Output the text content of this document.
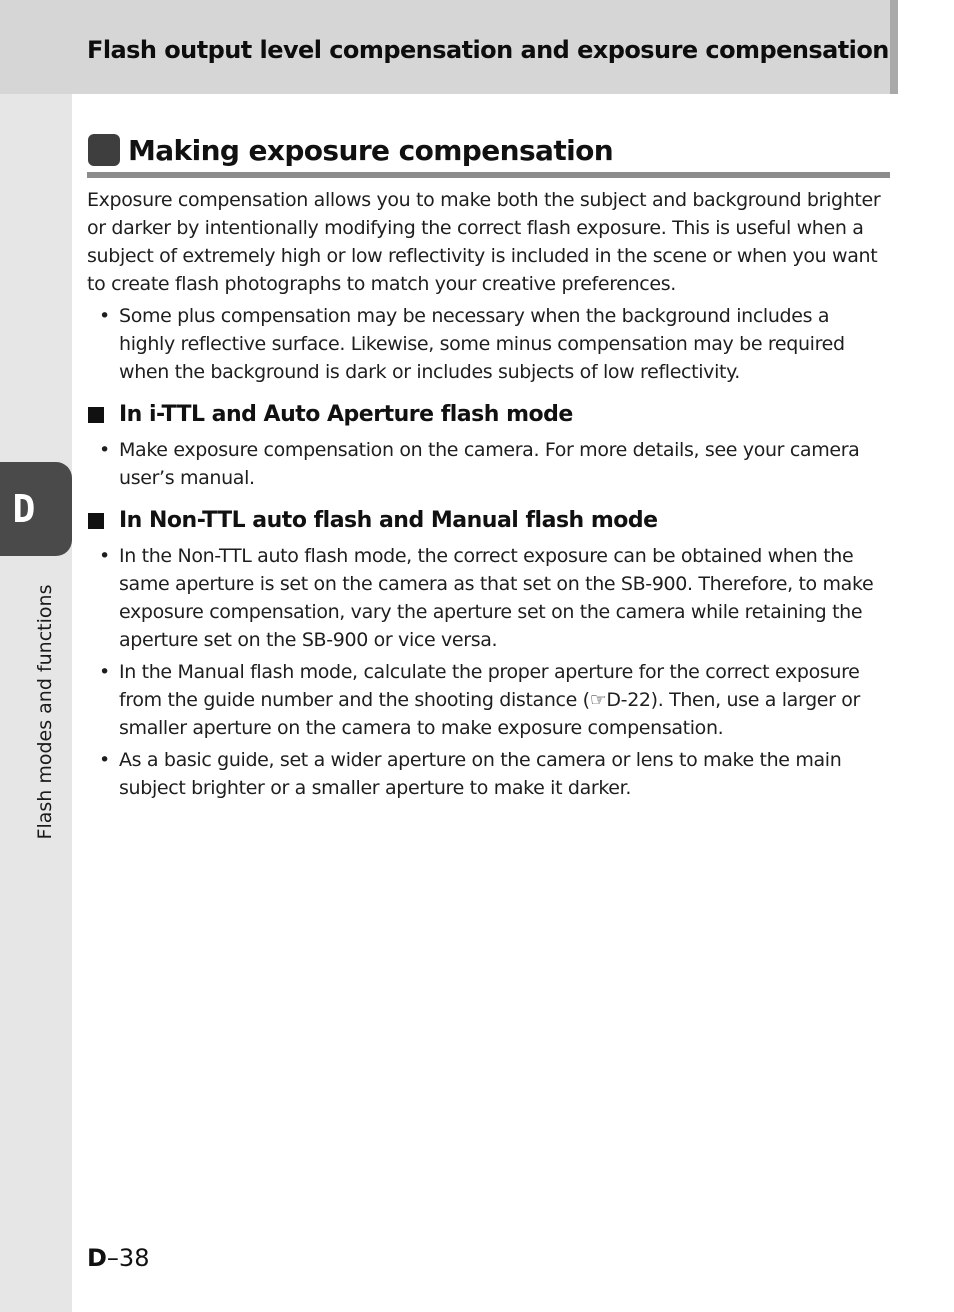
Flash output level compensation and exposure compensation
D
Flash modes and functions
Making exposure compensation

Exposure compensation allows you to make both the subject and background brighter or darker by intentionally modifying the correct flash exposure. This is useful when a subject of extremely high or low reflectivity is included in the scene or when you want to create flash photographs to match your creative preferences.

• Some plus compensation may be necessary when the background includes a highly reflective surface. Likewise, some minus compensation may be required when the background is dark or includes subjects of low reflectivity.
In i-TTL and Auto Aperture flash mode
• Make exposure compensation on the camera. For more details, see your camera user’s manual.
In Non-TTL auto flash and Manual flash mode
• In the Non-TTL auto flash mode, the correct exposure can be obtained when the same aperture is set on the camera as that set on the SB-900. Therefore, to make exposure compensation, vary the aperture set on the camera while retaining the aperture set on the SB-900 or vice versa.
• In the Manual flash mode, calculate the proper aperture for the correct exposure from the guide number and the shooting distance (☞D-22). Then, use a larger or smaller aperture on the camera to make exposure compensation.
• As a basic guide, set a wider aperture on the camera or lens to make the main subject brighter or a smaller aperture to make it darker.
D–38
